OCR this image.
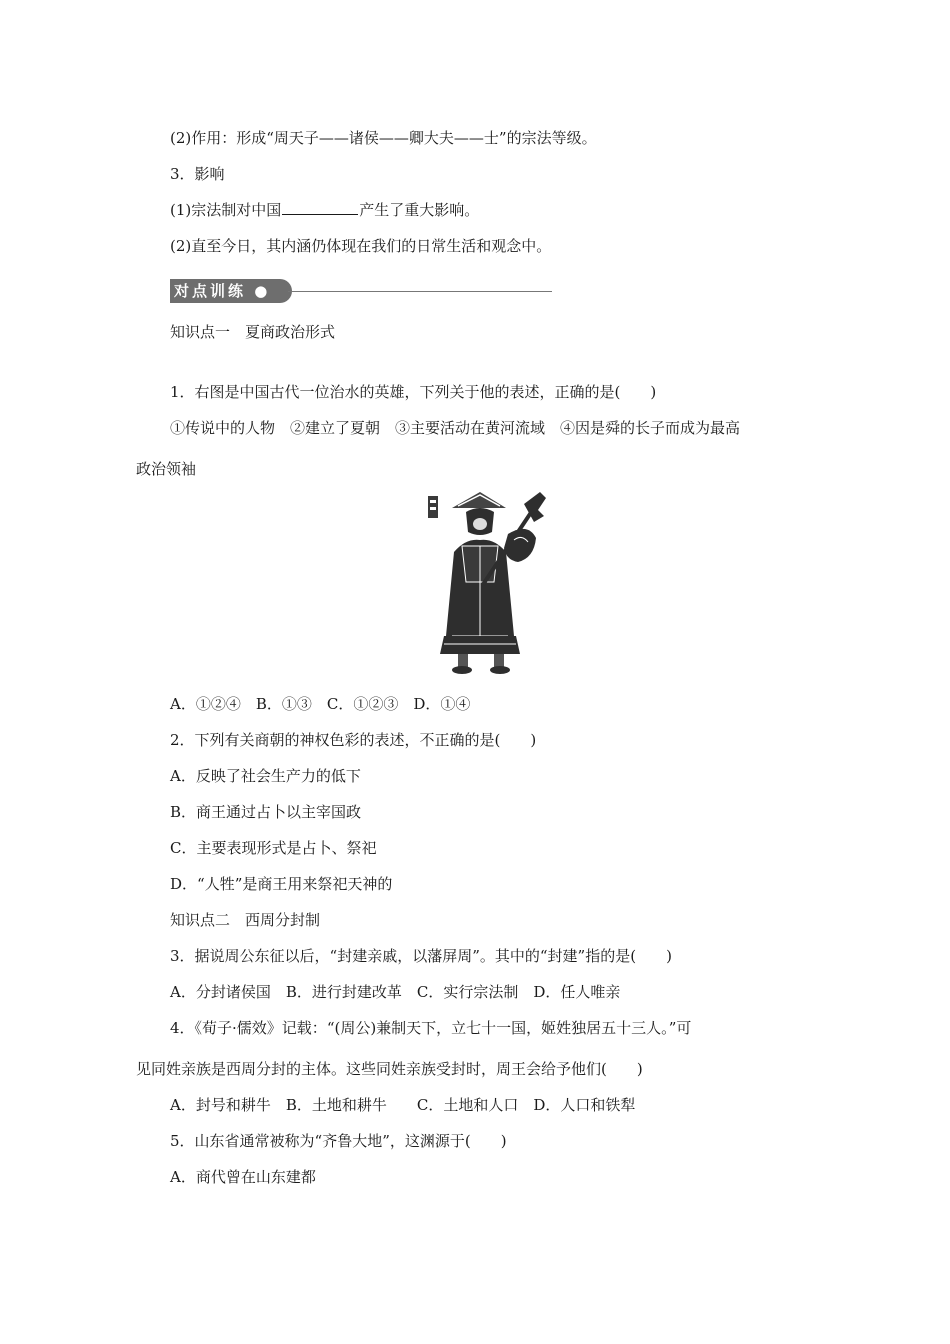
(2)作用：形成“周天子——诸侯——卿大夫——士”的宗法等级。
3．影响
(1)宗法制对中国	产生了重大影响。
(2)直至今日，其内涵仍体现在我们的日常生活和观念中。
对点训练 ●
知识点一　夏商政治形式
1．右图是中国古代一位治水的英雄，下列关于他的表述，正确的是(　　)
①传说中的人物　②建立了夏朝　③主要活动在黄河流域　④因是舜的长子而成为最高
政治领袖
A．①②④　B．①③　C．①②③　D．①④
2．下列有关商朝的神权色彩的表述，不正确的是(　　)
A．反映了社会生产力的低下
B．商王通过占卜以主宰国政
C．主要表现形式是占卜、祭祀
D．“人牲”是商王用来祭祀天神的
知识点二　西周分封制
3．据说周公东征以后，“封建亲戚，以藩屏周”。其中的“封建”指的是(　　)
A．分封诸侯国　B．进行封建改革　C．实行宗法制　D．任人唯亲
4．《荀子·儒效》记载：“(周公)兼制天下，立七十一国，姬姓独居五十三人。”可
见同姓亲族是西周分封的主体。这些同姓亲族受封时，周王会给予他们(　　)
A．封号和耕牛　B．土地和耕牛　　C．土地和人口　D．人口和铁犁
5．山东省通常被称为“齐鲁大地”，这渊源于(　　)
A．商代曾在山东建都
